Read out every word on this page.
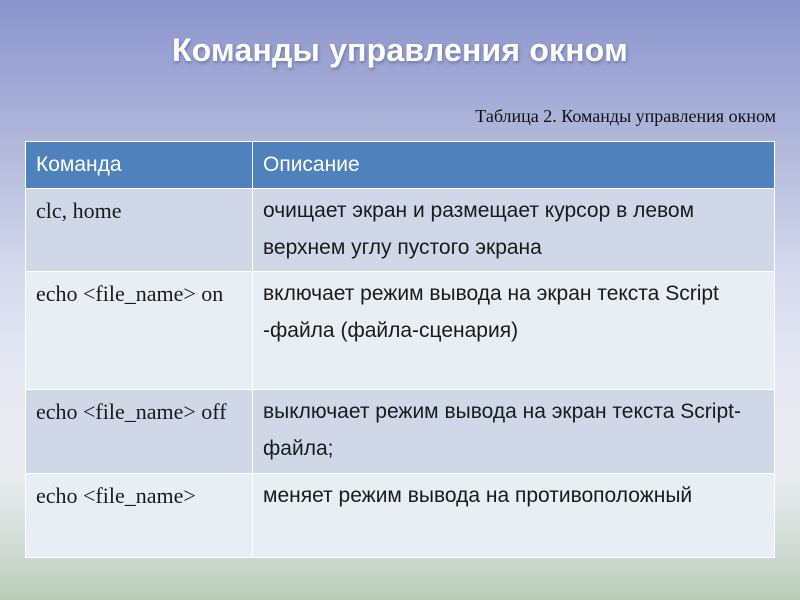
Команды управления окном
Таблица 2. Команды управления окном
Команда	Описание
clc, home	очищает экран и размещает курсор в левом верхнем углу пустого экрана
echo <file_name> on	включает режим вывода на экран текста Script -файла (файла-сценария)
echo <file_name> off	выключает режим вывода на экран текста Script-файла;
echo <file_name>	меняет режим вывода на противоположный
